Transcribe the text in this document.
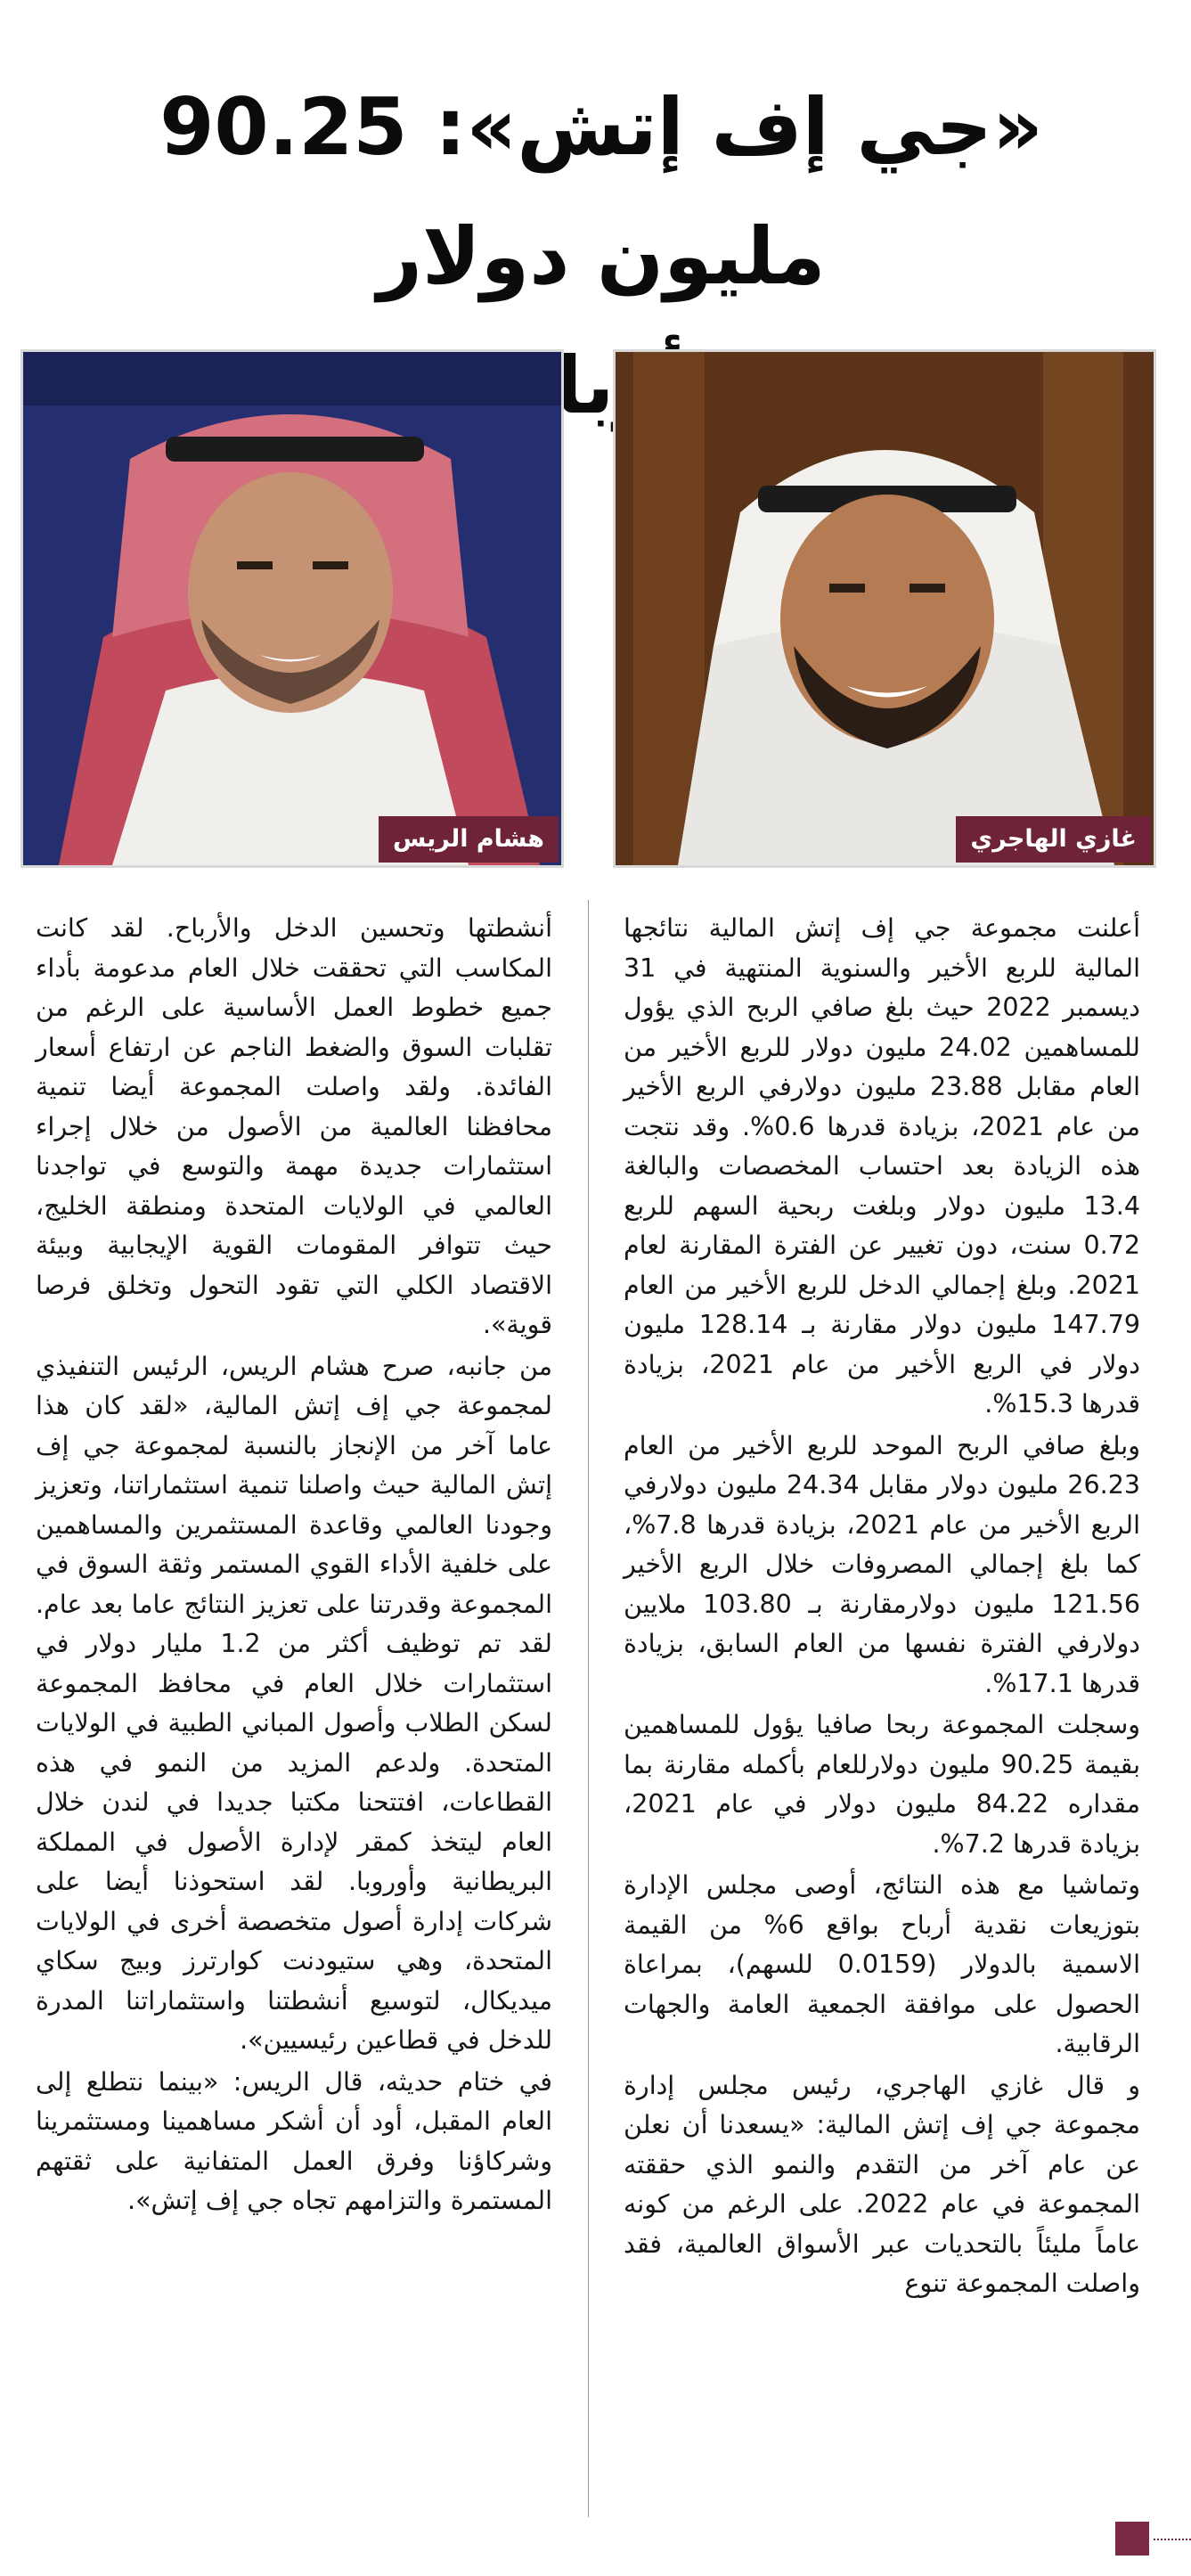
«جي إف إتش»: 90.25 مليون دولار
أرباح
غازي الهاجري
هشام الريس

أعلنت مجموعة جي إف إتش المالية نتائجها المالية للربع الأخير والسنوية المنتهية في 31 ديسمبر 2022 حيث بلغ صافي الربح الذي يؤول للمساهمين 24.02 مليون دولار للربع الأخير من العام مقابل 23.88 مليون دولارفي الربع الأخير من عام 2021، بزيادة قدرها 0.6%. وقد نتجت هذه الزيادة بعد احتساب المخصصات والبالغة 13.4 مليون دولار وبلغت ربحية السهم للربع 0.72 سنت، دون تغيير عن الفترة المقارنة لعام 2021. وبلغ إجمالي الدخل للربع الأخير من العام 147.79 مليون دولار مقارنة بـ 128.14 مليون دولار في الربع الأخير من عام 2021، بزيادة قدرها 15.3%.

وبلغ صافي الربح الموحد للربع الأخير من العام 26.23 مليون دولار مقابل 24.34 مليون دولارفي الربع الأخير من عام 2021، بزيادة قدرها 7.8%، كما بلغ إجمالي المصروفات خلال الربع الأخير 121.56 مليون دولارمقارنة بـ 103.80 ملايين دولارفي الفترة نفسها من العام السابق، بزيادة قدرها 17.1%.

وسجلت المجموعة ربحا صافيا يؤول للمساهمين بقيمة 90.25 مليون دولارللعام بأكمله مقارنة بما مقداره 84.22 مليون دولار في عام 2021، بزيادة قدرها 7.2%.

وتماشيا مع هذه النتائج، أوصى مجلس الإدارة بتوزيعات نقدية أرباح بواقع 6% من القيمة الاسمية بالدولار (0.0159 للسهم)، بمراعاة الحصول على موافقة الجمعية العامة والجهات الرقابية.

و قال غازي الهاجري، رئيس مجلس إدارة مجموعة جي إف إتش المالية: «يسعدنا أن نعلن عن عام آخر من التقدم والنمو الذي حققته المجموعة في عام 2022. على الرغم من كونه عاماً مليئاً بالتحديات عبر الأسواق العالمية، فقد واصلت المجموعة تنوع

أنشطتها وتحسين الدخل والأرباح. لقد كانت المكاسب التي تحققت خلال العام مدعومة بأداء جميع خطوط العمل الأساسية على الرغم من تقلبات السوق والضغط الناجم عن ارتفاع أسعار الفائدة. ولقد واصلت المجموعة أيضا تنمية محافظنا العالمية من الأصول من خلال إجراء استثمارات جديدة مهمة والتوسع في تواجدنا العالمي في الولايات المتحدة ومنطقة الخليج، حيث تتوافر المقومات القوية الإيجابية وبيئة الاقتصاد الكلي التي تقود التحول وتخلق فرصا قوية».

من جانبه، صرح هشام الريس، الرئيس التنفيذي لمجموعة جي إف إتش المالية، «لقد كان هذا عاما آخر من الإنجاز بالنسبة لمجموعة جي إف إتش المالية حيث واصلنا تنمية استثماراتنا، وتعزيز وجودنا العالمي وقاعدة المستثمرين والمساهمين على خلفية الأداء القوي المستمر وثقة السوق في المجموعة وقدرتنا على تعزيز النتائج عاما بعد عام. لقد تم توظيف أكثر من 1.2 مليار دولار في استثمارات خلال العام في محافظ المجموعة لسكن الطلاب وأصول المباني الطبية في الولايات المتحدة. ولدعم المزيد من النمو في هذه القطاعات، افتتحنا مكتبا جديدا في لندن خلال العام ليتخذ كمقر لإدارة الأصول في المملكة البريطانية وأوروبا. لقد استحوذنا أيضا على شركات إدارة أصول متخصصة أخرى في الولايات المتحدة، وهي ستيودنت كوارترز وبيج سكاي ميديكال، لتوسيع أنشطتنا واستثماراتنا المدرة للدخل في قطاعين رئيسيين».

في ختام حديثه، قال الريس: «بينما نتطلع إلى العام المقبل، أود أن أشكر مساهمينا ومستثمرينا وشركاؤنا وفرق العمل المتفانية على ثقتهم المستمرة والتزامهم تجاه جي إف إتش».
